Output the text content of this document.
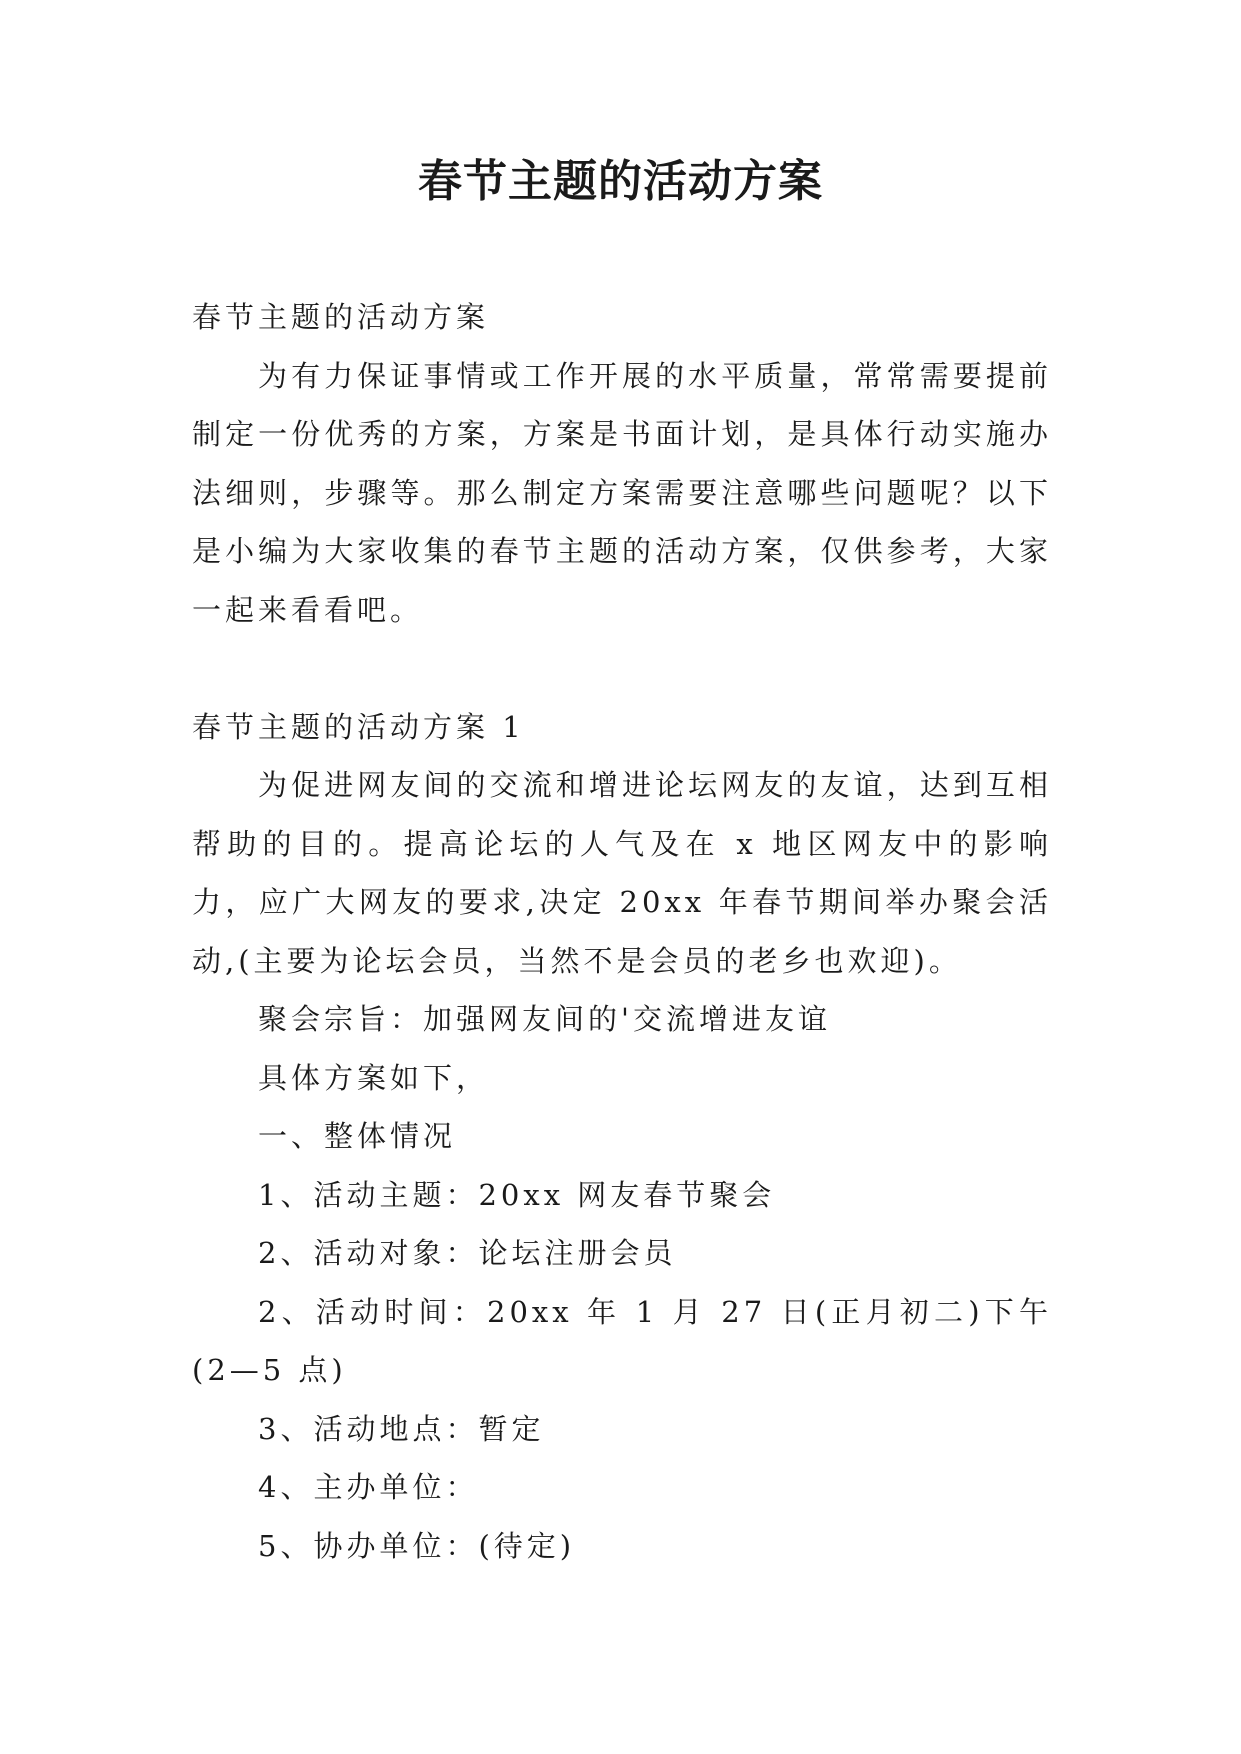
春节主题的活动方案

春节主题的活动方案

为有力保证事情或工作开展的水平质量，常常需要提前制定一份优秀的方案，方案是书面计划，是具体行动实施办法细则，步骤等。那么制定方案需要注意哪些问题呢？以下是小编为大家收集的春节主题的活动方案，仅供参考，大家一起来看看吧。

春节主题的活动方案 1

为促进网友间的交流和增进论坛网友的友谊，达到互相帮助的目的。提高论坛的人气及在 x 地区网友中的影响力，应广大网友的要求,决定 20xx 年春节期间举办聚会活动,(主要为论坛会员，当然不是会员的老乡也欢迎)。

聚会宗旨：加强网友间的'交流增进友谊

具体方案如下，

一、整体情况

1、活动主题：20xx 网友春节聚会

2、活动对象：论坛注册会员

2、活动时间：20xx 年 1 月 27 日(正月初二)下午(2—5 点)

3、活动地点：暂定

4、主办单位：

5、协办单位：(待定)
